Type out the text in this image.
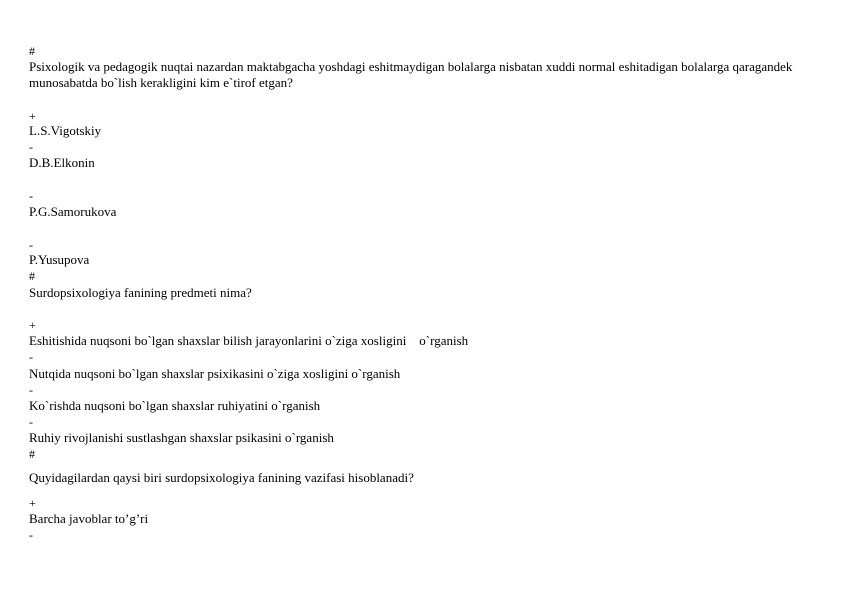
#
Psixologik va pedagogik nuqtai nazardan maktabgacha yoshdagi eshitmaydigan bolalarga nisbatan xuddi normal eshitadigan bolalarga qaragandek munosabatda bo`lish kerakligini kim e`tirof etgan?
+
L.S.Vigotskiy
-
D.B.Elkonin
-
P.G.Samorukova
-
P.Yusupova
#
Surdopsixologiya fanining predmeti nima?
+
Eshitishida nuqsoni bo`lgan shaxslar bilish jarayonlarini o`ziga xosligini    o`rganish
-
Nutqida nuqsoni bo`lgan shaxslar psixikasini o`ziga xosligini o`rganish
-
Ko`rishda nuqsoni bo`lgan shaxslar ruhiyatini o`rganish
-
Ruhiy rivojlanishi sustlashgan shaxslar psikasini o`rganish
#
Quyidagilardan qaysi biri surdopsixologiya fanining vazifasi hisoblanadi?
+
Barcha javoblar to’g’ri
-
